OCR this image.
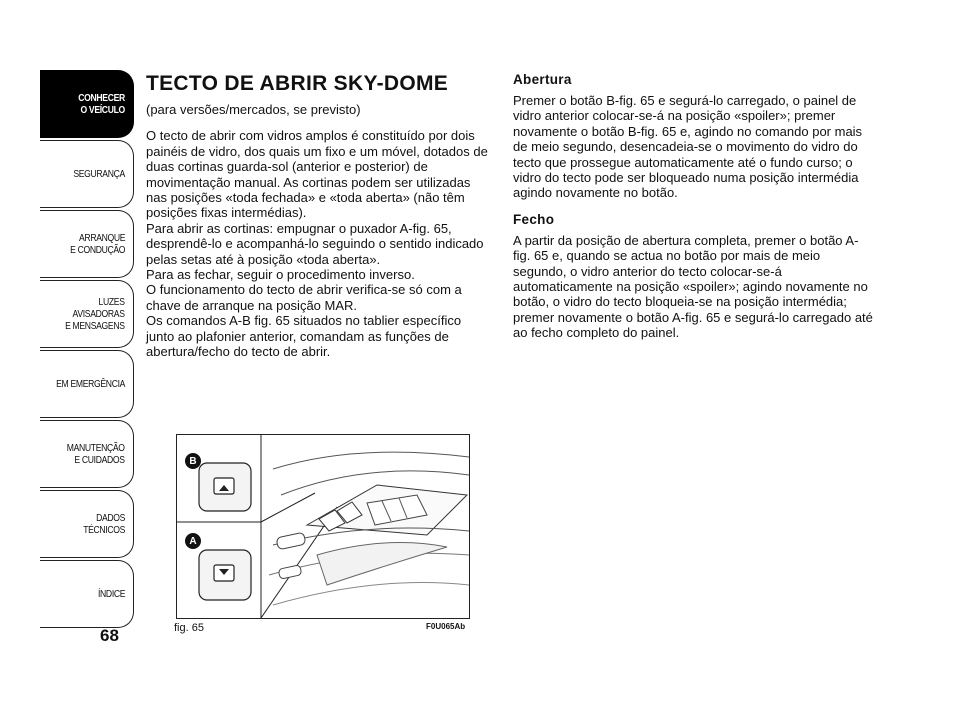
CONHECER
O VEÍCULO
SEGURANÇA
ARRANQUE
E CONDUÇÃO
LUZES
AVISADORAS
E MENSAGENS
EM EMERGÊNCIA
MANUTENÇÃO
E CUIDADOS
DADOS
TÉCNICOS
ÍNDICE
68
TECTO DE ABRIR SKY-DOME

(para versões/mercados, se previsto)

O tecto de abrir com vidros amplos é constituído por dois painéis de vidro, dos quais um fixo e um móvel, dotados de duas cortinas guarda-sol (anterior e posterior) de movimentação manual. As cortinas podem ser utilizadas nas posições «toda fechada» e «toda aberta» (não têm posições fixas intermédias).

Para abrir as cortinas: empugnar o puxador A-fig. 65, desprendê-lo e acompanhá-lo seguindo o sentido indicado pelas setas até à posição «toda aberta».

Para as fechar, seguir o procedimento inverso.

O funcionamento do tecto de abrir verifica-se só com a chave de arranque na posição MAR.

Os comandos A-B fig. 65 situados no tablier específico junto ao plafonier anterior, comandam as funções de abertura/fecho do tecto de abrir.

Abertura

Premer o botão B-fig. 65 e segurá-lo carregado, o painel de vidro anterior colocar-se-á na posição «spoiler»; premer novamente o botão B-fig. 65 e, agindo no comando por mais de meio segundo, desencadeia-se o movimento do vidro do tecto que prossegue automaticamente até o fundo curso; o vidro do tecto pode ser bloqueado numa posição intermédia agindo novamente no botão.

Fecho

A partir da posição de abertura completa, premer o botão A-fig. 65 e, quando se actua no botão por mais de meio segundo, o vidro anterior do tecto colocar-se-á automaticamente na posição «spoiler»; agindo novamente no botão, o vidro do tecto bloqueia-se na posição intermédia; premer novamente o botão A-fig. 65 e segurá-lo carregado até ao fecho completo do painel.

B
A
fig. 65	F0U065Ab
